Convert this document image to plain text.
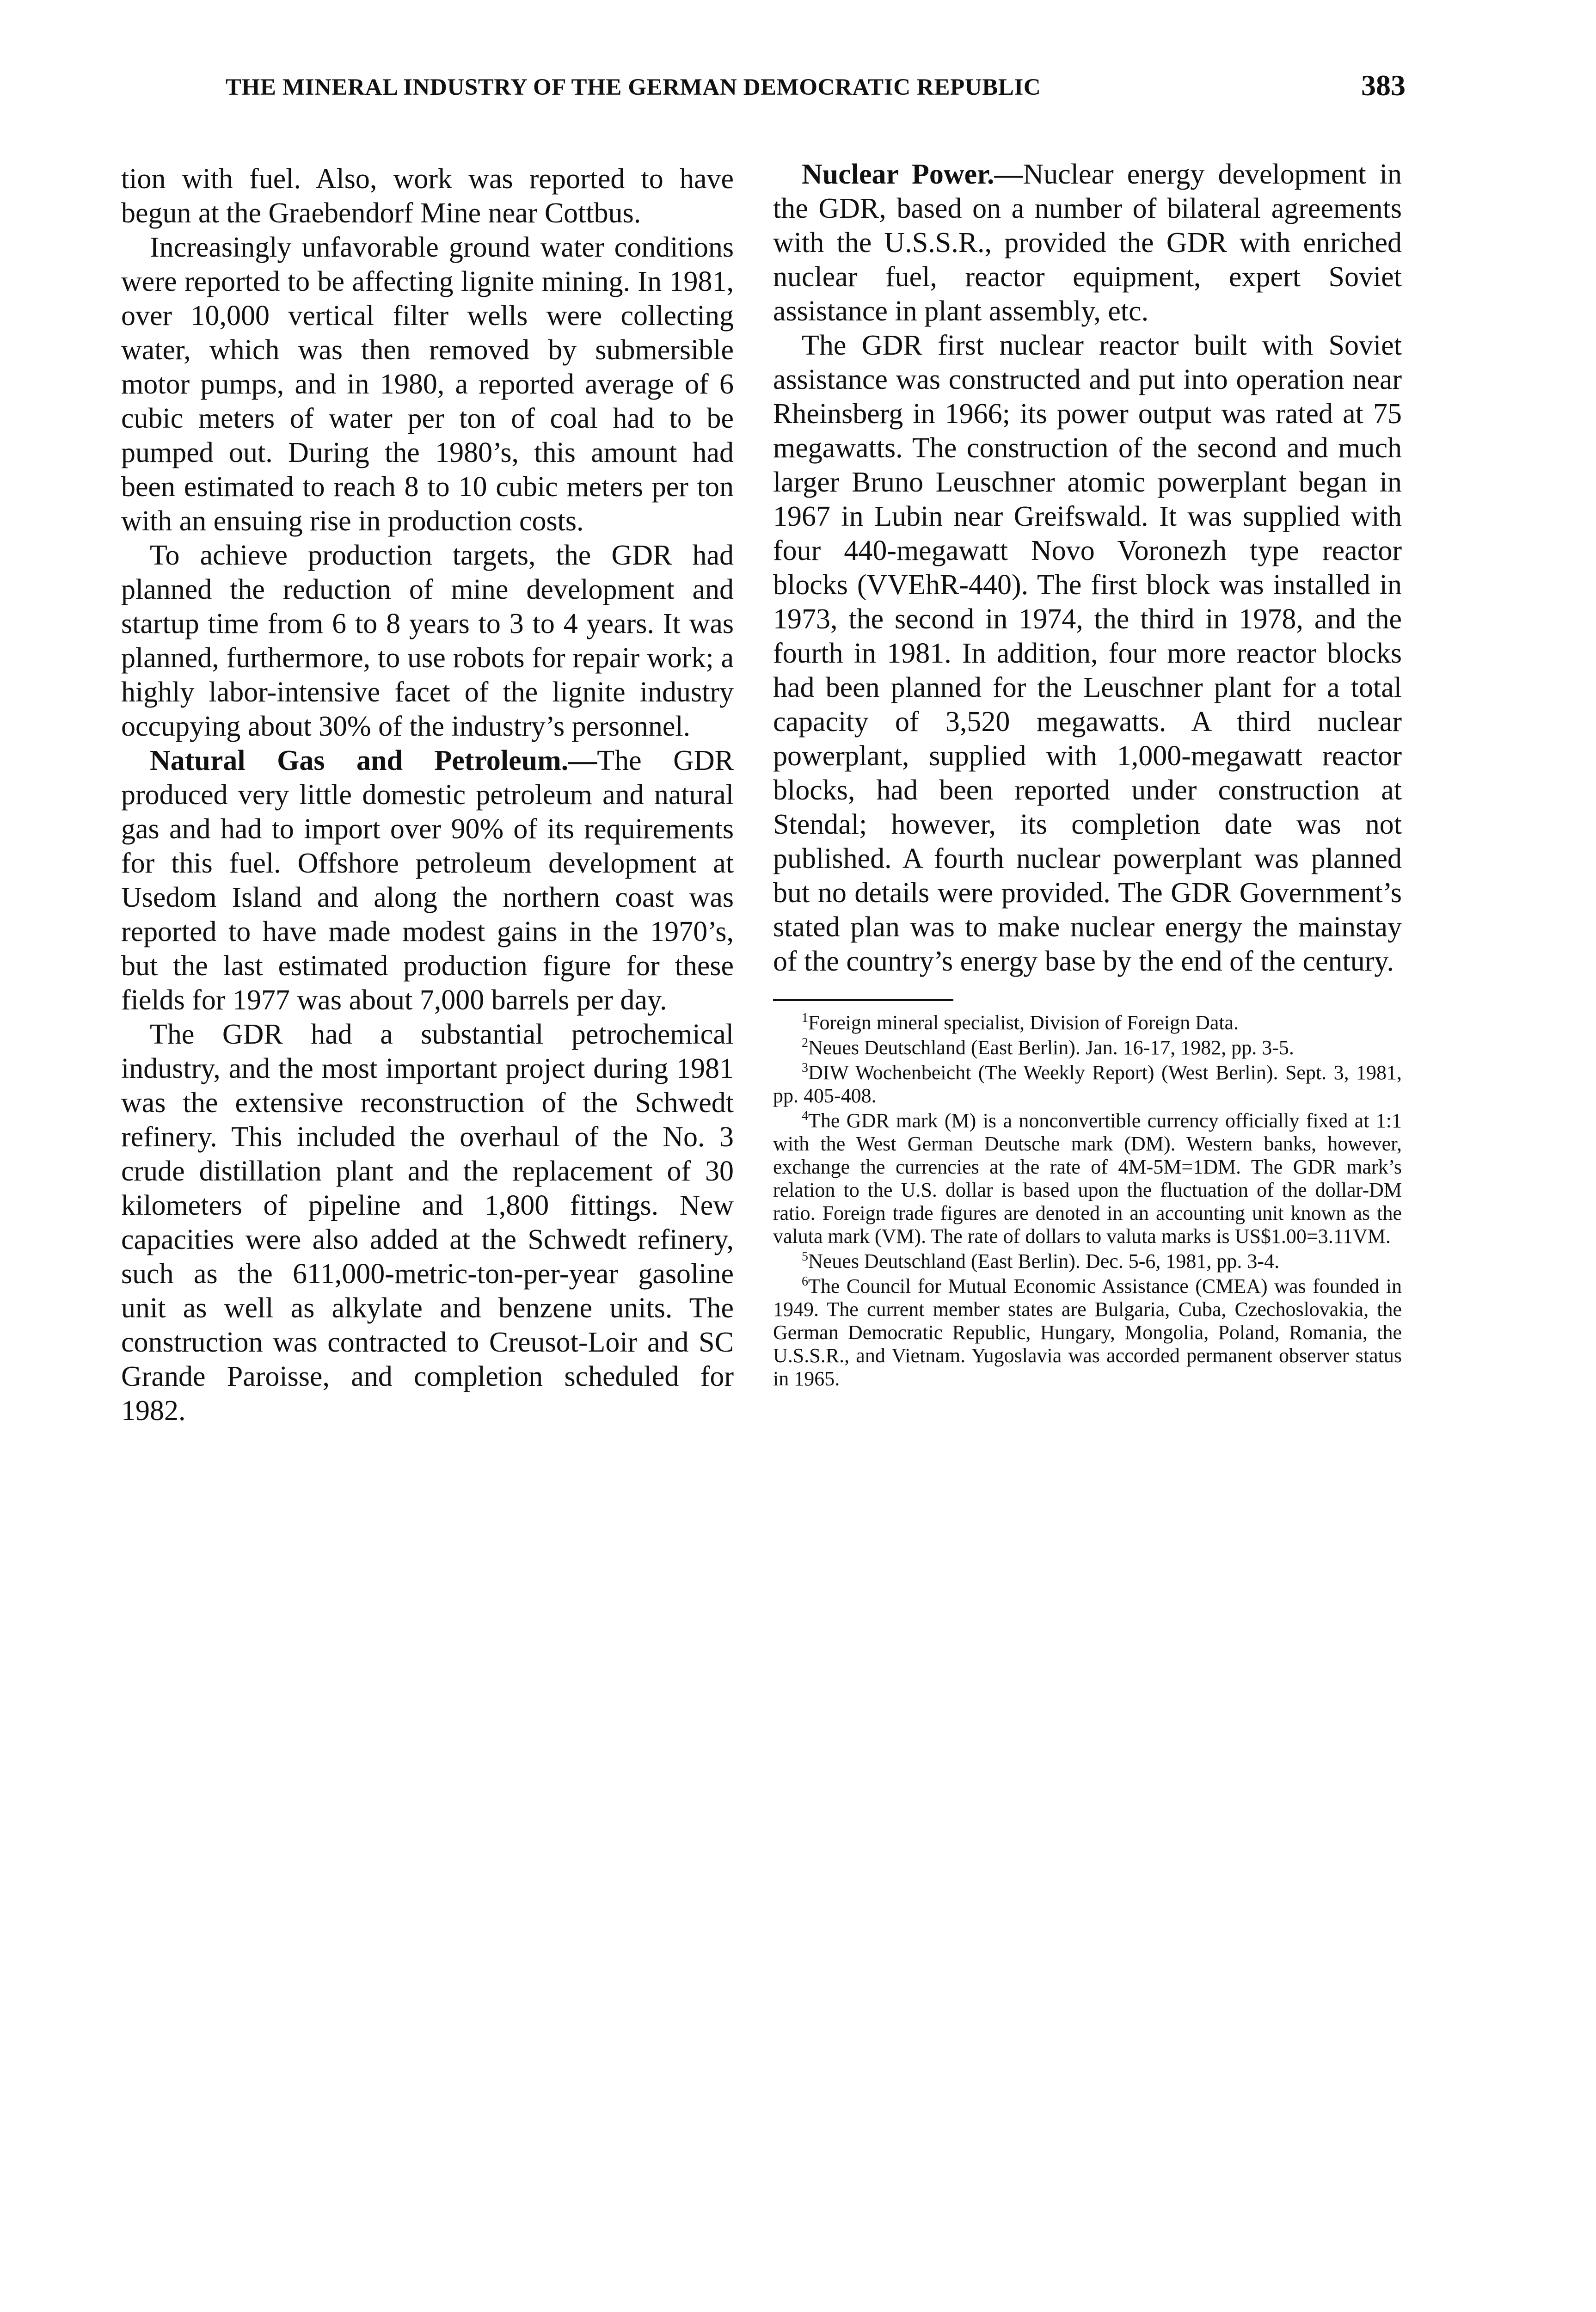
THE MINERAL INDUSTRY OF THE GERMAN DEMOCRATIC REPUBLIC	383

tion with fuel. Also, work was reported to have begun at the Graebendorf Mine near Cottbus.

Increasingly unfavorable ground water conditions were reported to be affecting lignite mining. In 1981, over 10,000 vertical filter wells were collecting water, which was then removed by submersible motor pumps, and in 1980, a reported average of 6 cubic meters of water per ton of coal had to be pumped out. During the 1980’s, this amount had been estimated to reach 8 to 10 cubic meters per ton with an ensuing rise in production costs.

To achieve production targets, the GDR had planned the reduction of mine development and startup time from 6 to 8 years to 3 to 4 years. It was planned, furthermore, to use robots for repair work; a highly labor-intensive facet of the lignite industry occupying about 30% of the industry’s personnel.

Natural Gas and Petroleum.—The GDR produced very little domestic petroleum and natural gas and had to import over 90% of its requirements for this fuel. Offshore petroleum development at Usedom Island and along the northern coast was reported to have made modest gains in the 1970’s, but the last estimated production figure for these fields for 1977 was about 7,000 barrels per day.

The GDR had a substantial petrochemical industry, and the most important project during 1981 was the extensive reconstruction of the Schwedt refinery. This included the overhaul of the No. 3 crude distillation plant and the replacement of 30 kilometers of pipeline and 1,800 fittings. New capacities were also added at the Schwedt refinery, such as the 611,000-metric-ton-per-year gasoline unit as well as alkylate and benzene units. The construction was contracted to Creusot-Loir and SC Grande Paroisse, and completion scheduled for 1982.

Nuclear Power.—Nuclear energy development in the GDR, based on a number of bilateral agreements with the U.S.S.R., provided the GDR with enriched nuclear fuel, reactor equipment, expert Soviet assistance in plant assembly, etc.

The GDR first nuclear reactor built with Soviet assistance was constructed and put into operation near Rheinsberg in 1966; its power output was rated at 75 megawatts. The construction of the second and much larger Bruno Leuschner atomic powerplant began in 1967 in Lubin near Greifswald. It was supplied with four 440-megawatt Novo Voronezh type reactor blocks (VVEhR-440). The first block was installed in 1973, the second in 1974, the third in 1978, and the fourth in 1981. In addition, four more reactor blocks had been planned for the Leuschner plant for a total capacity of 3,520 megawatts. A third nuclear powerplant, supplied with 1,000-megawatt reactor blocks, had been reported under construction at Stendal; however, its completion date was not published. A fourth nuclear powerplant was planned but no details were provided. The GDR Government’s stated plan was to make nuclear energy the mainstay of the country’s energy base by the end of the century.

$^1$Foreign mineral specialist, Division of Foreign Data.

$^2$Neues Deutschland (East Berlin). Jan. 16-17, 1982, pp. 3-5.

$^3$DIW Wochenbeicht (The Weekly Report) (West Berlin). Sept. 3, 1981, pp. 405-408.

$^4$The GDR mark (M) is a nonconvertible currency officially fixed at 1:1 with the West German Deutsche mark (DM). Western banks, however, exchange the currencies at the rate of 4M-5M=1DM. The GDR mark’s relation to the U.S. dollar is based upon the fluctuation of the dollar-DM ratio. Foreign trade figures are denoted in an accounting unit known as the valuta mark (VM). The rate of dollars to valuta marks is US$1.00=3.11VM.

$^5$Neues Deutschland (East Berlin). Dec. 5-6, 1981, pp. 3-4.

$^6$The Council for Mutual Economic Assistance (CMEA) was founded in 1949. The current member states are Bulgaria, Cuba, Czechoslovakia, the German Democratic Republic, Hungary, Mongolia, Poland, Romania, the U.S.S.R., and Vietnam. Yugoslavia was accorded permanent observer status in 1965.
